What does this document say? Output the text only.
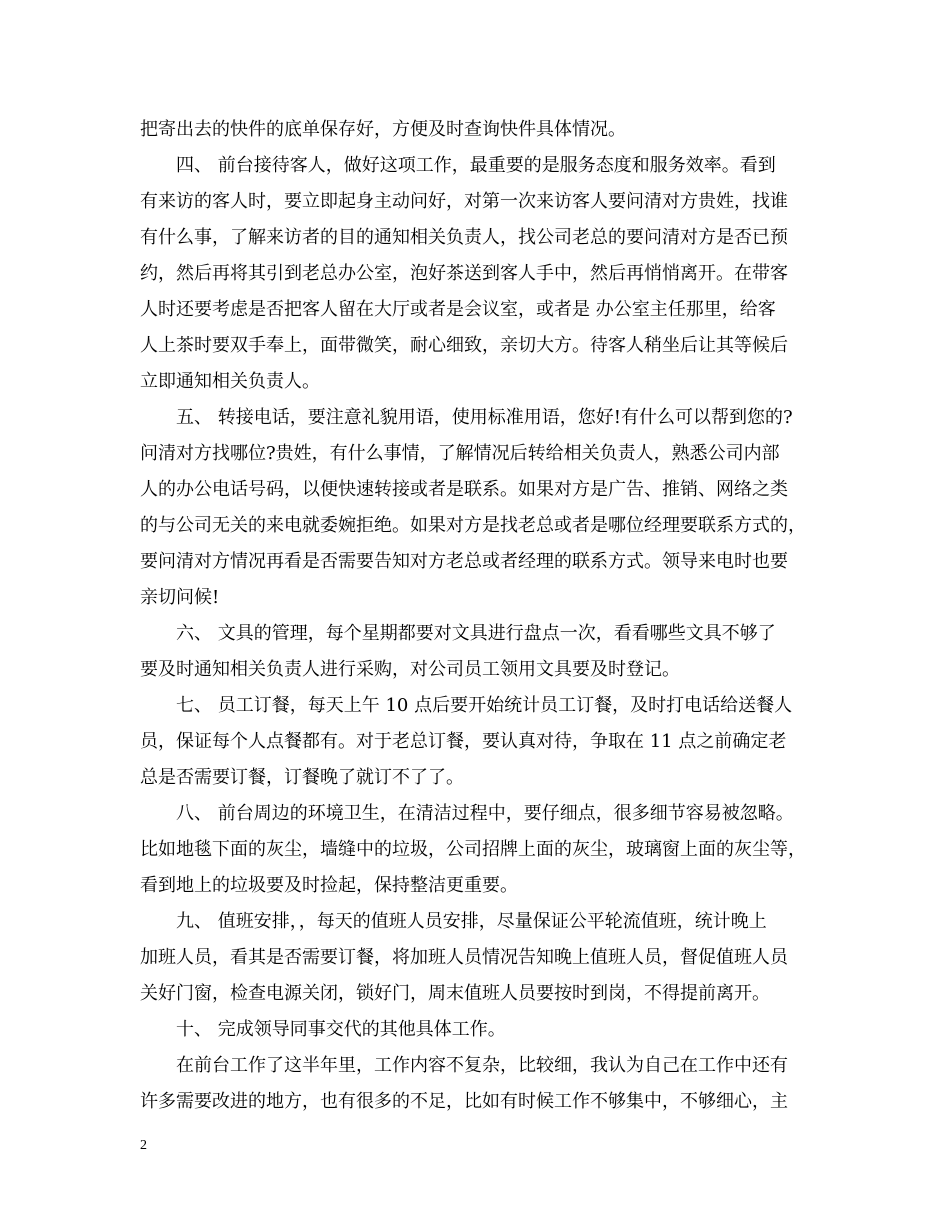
把寄出去的快件的底单保存好，方便及时查询快件具体情况。
四、 前台接待客人，做好这项工作，最重要的是服务态度和服务效率。看到
有来访的客人时，要立即起身主动问好，对第一次来访客人要问清对方贵姓，找谁
有什么事，了解来访者的目的通知相关负责人，找公司老总的要问清对方是否已预
约，然后再将其引到老总办公室，泡好茶送到客人手中，然后再悄悄离开。在带客
人时还要考虑是否把客人留在大厅或者是会议室，或者是 办公室主任那里，给客
人上茶时要双手奉上，面带微笑，耐心细致，亲切大方。待客人稍坐后让其等候后
立即通知相关负责人。
五、 转接电话，要注意礼貌用语，使用标准用语，您好!有什么可以帮到您的?
问清对方找哪位?贵姓，有什么事情，了解情况后转给相关负责人，熟悉公司内部
人的办公电话号码，以便快速转接或者是联系。如果对方是广告、推销、网络之类
的与公司无关的来电就委婉拒绝。如果对方是找老总或者是哪位经理要联系方式的，
要问清对方情况再看是否需要告知对方老总或者经理的联系方式。领导来电时也要
亲切问候!
六、 文具的管理，每个星期都要对文具进行盘点一次，看看哪些文具不够了
要及时通知相关负责人进行采购，对公司员工领用文具要及时登记。
七、 员工订餐，每天上午 10 点后要开始统计员工订餐，及时打电话给送餐人
员，保证每个人点餐都有。对于老总订餐，要认真对待，争取在 11 点之前确定老
总是否需要订餐，订餐晚了就订不了了。
八、 前台周边的环境卫生，在清洁过程中，要仔细点，很多细节容易被忽略。
比如地毯下面的灰尘，墙缝中的垃圾，公司招牌上面的灰尘，玻璃窗上面的灰尘等，
看到地上的垃圾要及时捡起，保持整洁更重要。
九、 值班安排，，每天的值班人员安排，尽量保证公平轮流值班，统计晚上
加班人员，看其是否需要订餐，将加班人员情况告知晚上值班人员，督促值班人员
关好门窗，检查电源关闭，锁好门，周末值班人员要按时到岗，不得提前离开。
十、 完成领导同事交代的其他具体工作。
在前台工作了这半年里，工作内容不复杂，比较细，我认为自己在工作中还有
许多需要改进的地方，也有很多的不足，比如有时候工作不够集中，不够细心，主
2
